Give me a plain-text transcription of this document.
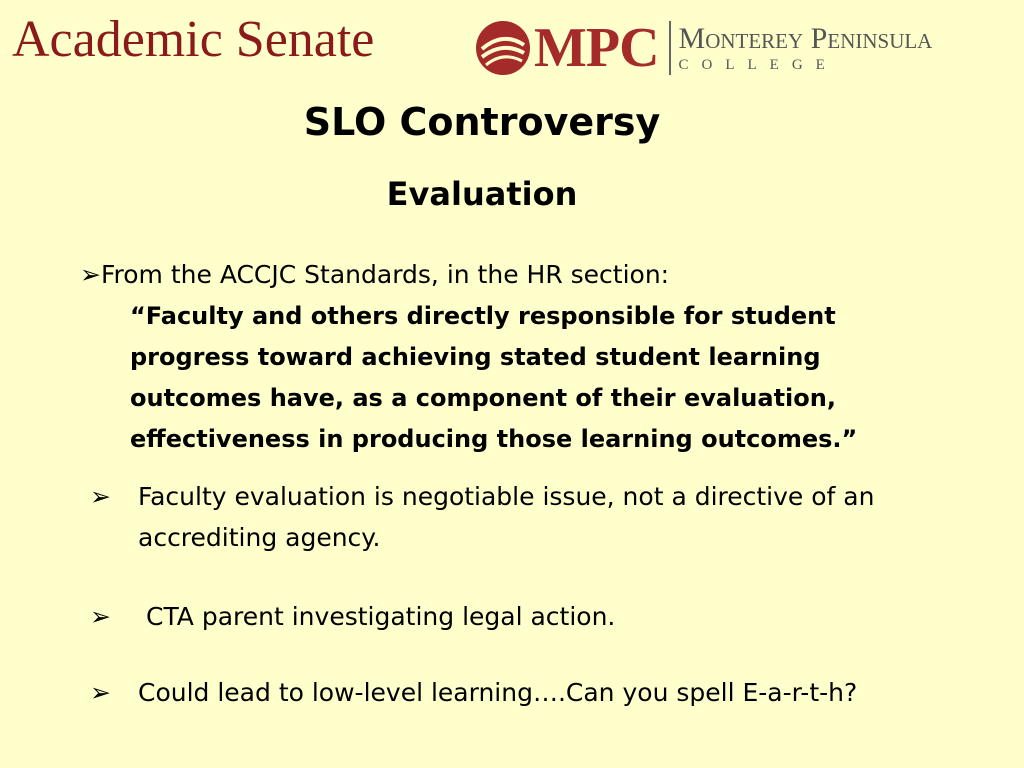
Academic Senate	MPC Monterey Peninsula
COLLEGE
SLO Controversy
Evaluation
➢From the ACCJC Standards, in the HR section:
“Faculty and others directly responsible for student progress toward achieving stated student learning outcomes have, as a component of their evaluation, effectiveness in producing those learning outcomes.”
➢ Faculty evaluation is negotiable issue, not a directive of an accrediting agency.
➢ CTA parent investigating legal action.
➢ Could lead to low-level learning….Can you spell E-a-r-t-h?
